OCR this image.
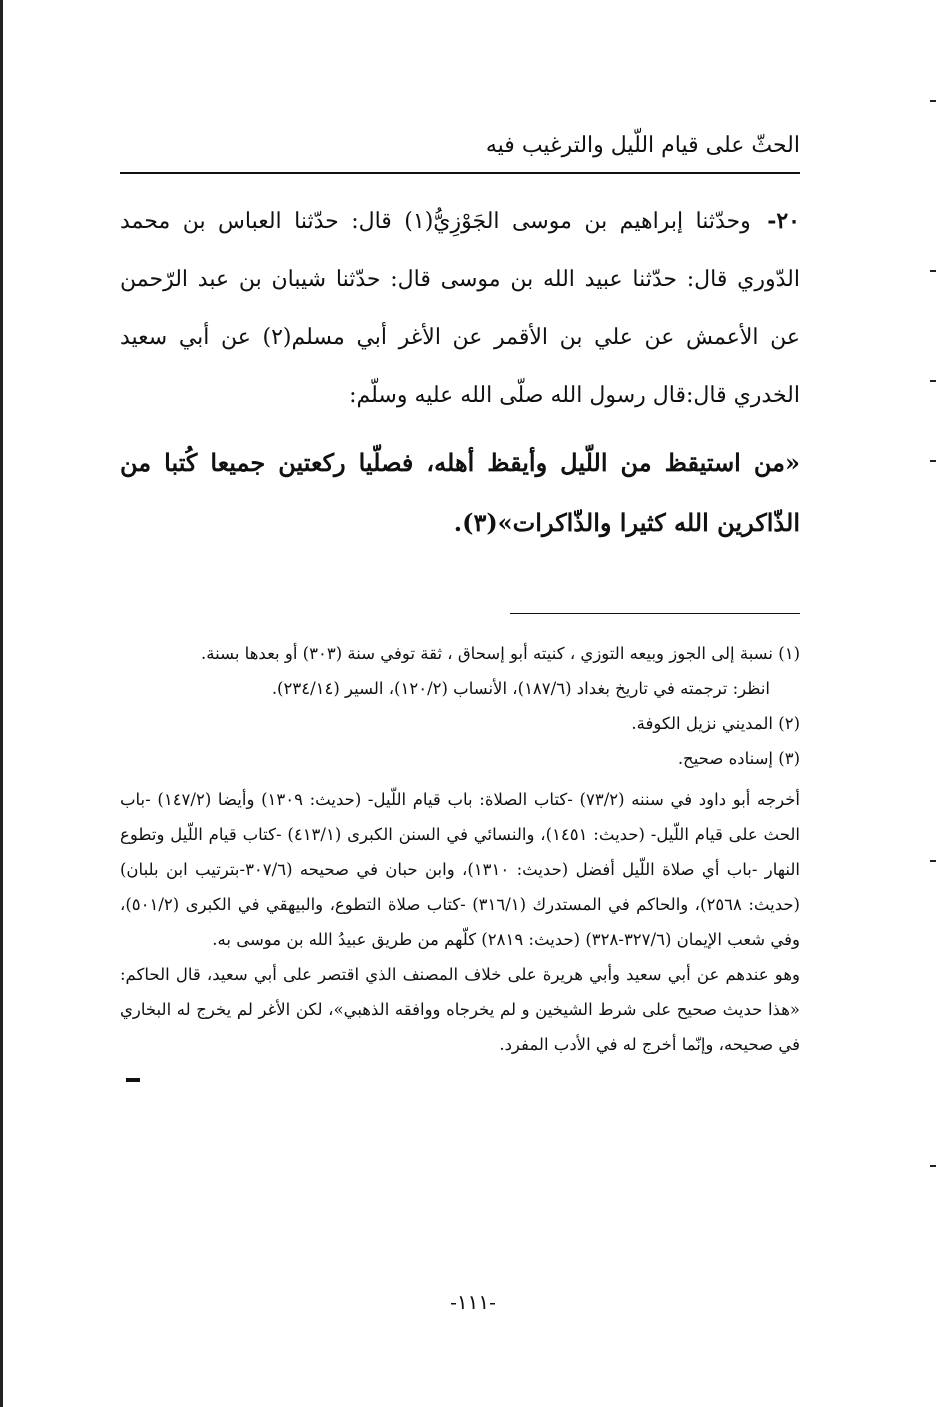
الحثّ على قيام اللّيل والترغيب فيه
٢٠- وحدّثنا إبراهيم بن موسى الجَوْزِيُّ(١) قال: حدّثنا العباس بن محمد الدّوري قال: حدّثنا عبيد الله بن موسى قال: حدّثنا شيبان بن عبد الرّحمن عن الأعمش عن علي بن الأقمر عن الأغر أبي مسلم(٢) عن أبي سعيد الخدري قال:قال رسول الله صلّى الله عليه وسلّم:
«من استيقظ من اللّيل وأيقظ أهله، فصلّيا ركعتين جميعا كُتبا من الذّاكرين الله كثيرا والذّاكرات»(٣).

(١) نسبة إلى الجوز وبيعه التوزي ، كنيته أبو إسحاق ، ثقة توفي سنة (٣٠٣) أو بعدها بسنة.

انظر: ترجمته في تاريخ بغداد (١٨٧/٦)، الأنساب (١٢٠/٢)، السير (٢٣٤/١٤).

(٢) المديني نزيل الكوفة.

(٣) إسناده صحيح.

أخرجه أبو داود في سننه (٧٣/٢) -كتاب الصلاة: باب قيام اللّيل- (حديث: ١٣٠٩) وأيضا (١٤٧/٢) -باب الحث على قيام اللّيل- (حديث: ١٤٥١)، والنسائي في السنن الكبرى (٤١٣/١) -كتاب قيام اللّيل وتطوع النهار -باب أي صلاة اللّيل أفضل (حديث: ١٣١٠)، وابن حبان في صحيحه (٣٠٧/٦-بترتيب ابن بلبان) (حديث: ٢٥٦٨)، والحاكم في المستدرك (٣١٦/١) -كتاب صلاة التطوع، والبيهقي في الكبرى (٥٠١/٢)، وفي شعب الإيمان (٣٢٧/٦-٣٢٨) (حديث: ٢٨١٩) كلّهم من طريق عبيدُ الله بن موسى به.

وهو عندهم عن أبي سعيد وأبي هريرة على خلاف المصنف الذي اقتصر على أبي سعيد، قال الحاكم: «هذا حديث صحيح على شرط الشيخين و لم يخرجاه ووافقه الذهبي»، لكن الأغر لم يخرج له البخاري في صحيحه، وإنّما أخرج له في الأدب المفرد.

-١١١-
